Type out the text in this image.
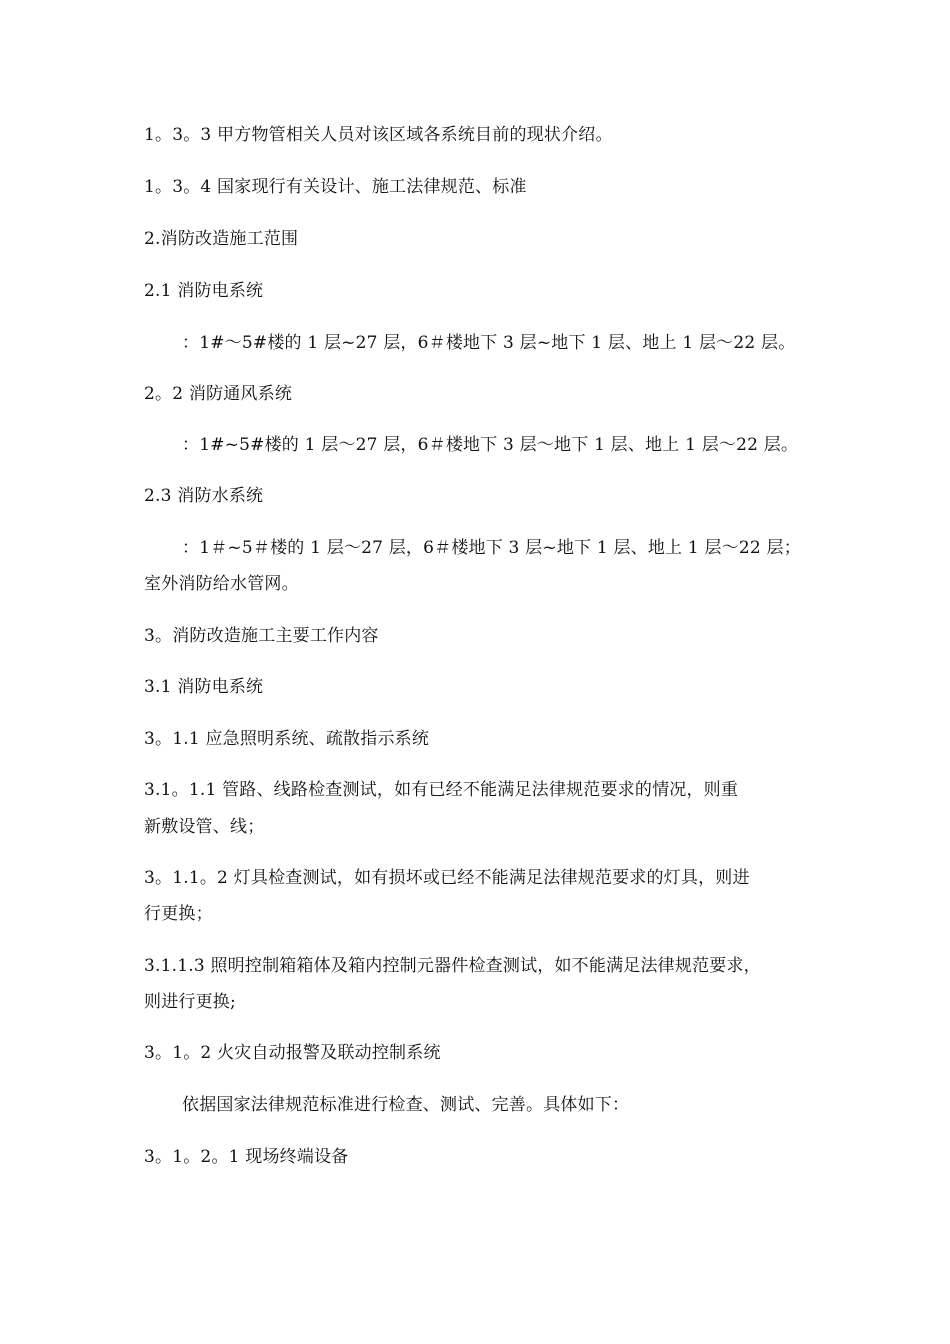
1。3。3 甲方物管相关人员对该区域各系统目前的现状介绍。
1。3。4 国家现行有关设计、施工法律规范、标准
2.消防改造施工范围
2.1 消防电系统
：1#～5#楼的 1 层~27 层，6＃楼地下 3 层~地下 1 层、地上 1 层～22 层。
2。2 消防通风系统
：1#~5#楼的 1 层～27 层，6＃楼地下 3 层～地下 1 层、地上 1 层～22 层。
2.3 消防水系统
：1＃~5＃楼的 1 层～27 层，6＃楼地下 3 层~地下 1 层、地上 1 层～22 层；
室外消防给水管网。
3。消防改造施工主要工作内容
3.1 消防电系统
3。1.1 应急照明系统、疏散指示系统
3.1。1.1 管路、线路检查测试，如有已经不能满足法律规范要求的情况，则重
新敷设管、线；
3。1.1。2 灯具检查测试，如有损坏或已经不能满足法律规范要求的灯具，则进
行更换；
3.1.1.3 照明控制箱箱体及箱内控制元器件检查测试，如不能满足法律规范要求，
则进行更换;
3。1。2 火灾自动报警及联动控制系统
依据国家法律规范标准进行检查、测试、完善。具体如下：
3。1。2。1 现场终端设备
